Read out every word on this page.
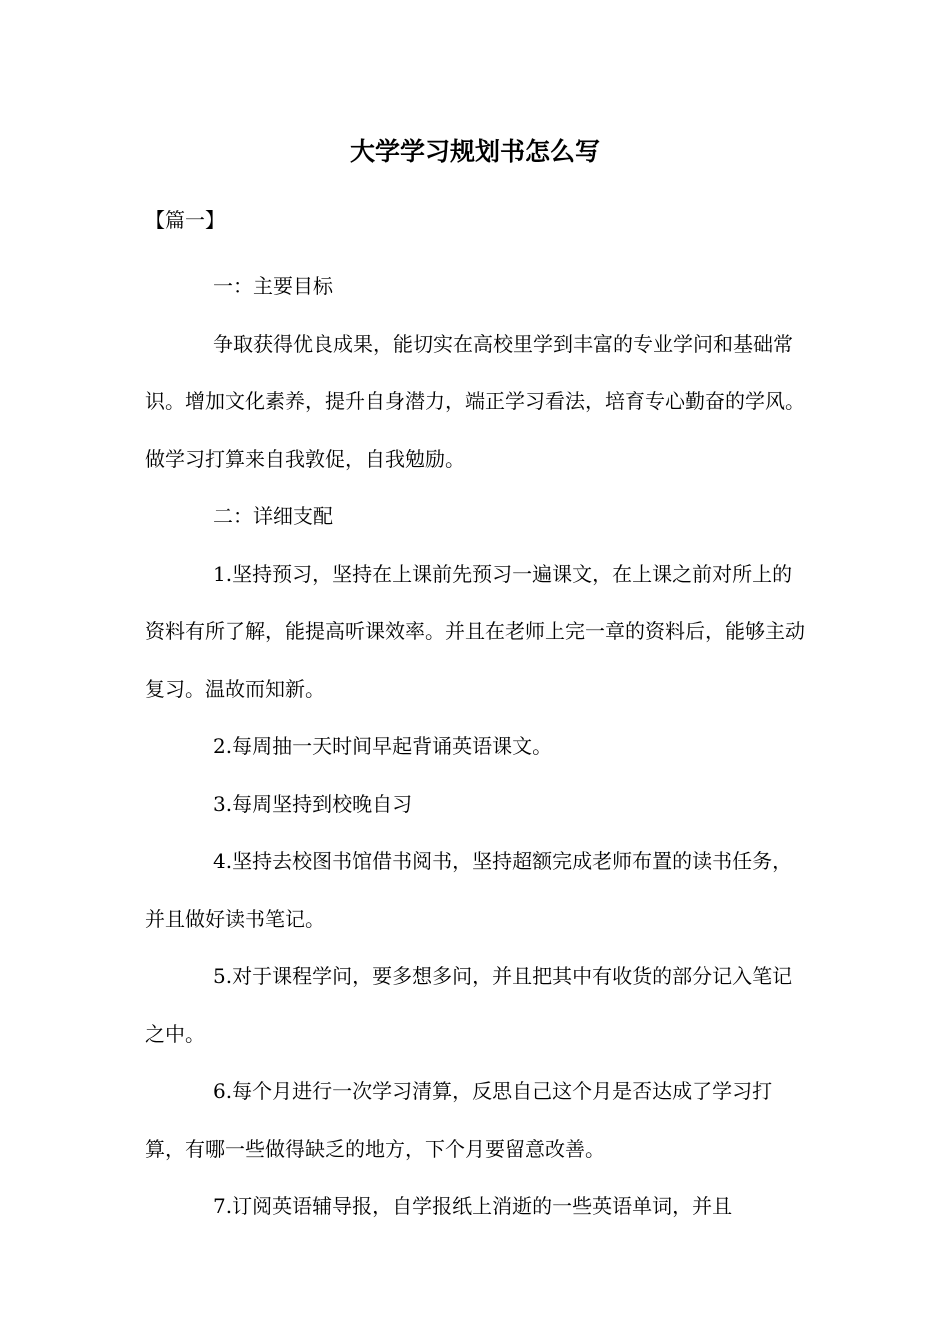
大学学习规划书怎么写
【篇一】

一：主要目标

争取获得优良成果，能切实在高校里学到丰富的专业学问和基础常识。增加文化素养，提升自身潜力，端正学习看法，培育专心勤奋的学风。做学习打算来自我敦促，自我勉励。

二：详细支配

1.坚持预习，坚持在上课前先预习一遍课文，在上课之前对所上的资料有所了解，能提高听课效率。并且在老师上完一章的资料后，能够主动复习。温故而知新。

2.每周抽一天时间早起背诵英语课文。

3.每周坚持到校晚自习

4.坚持去校图书馆借书阅书，坚持超额完成老师布置的读书任务，并且做好读书笔记。

5.对于课程学问，要多想多问，并且把其中有收货的部分记入笔记之中。

6.每个月进行一次学习清算，反思自己这个月是否达成了学习打算，有哪一些做得缺乏的地方，下个月要留意改善。

7.订阅英语辅导报，自学报纸上消逝的一些英语单词，并且
